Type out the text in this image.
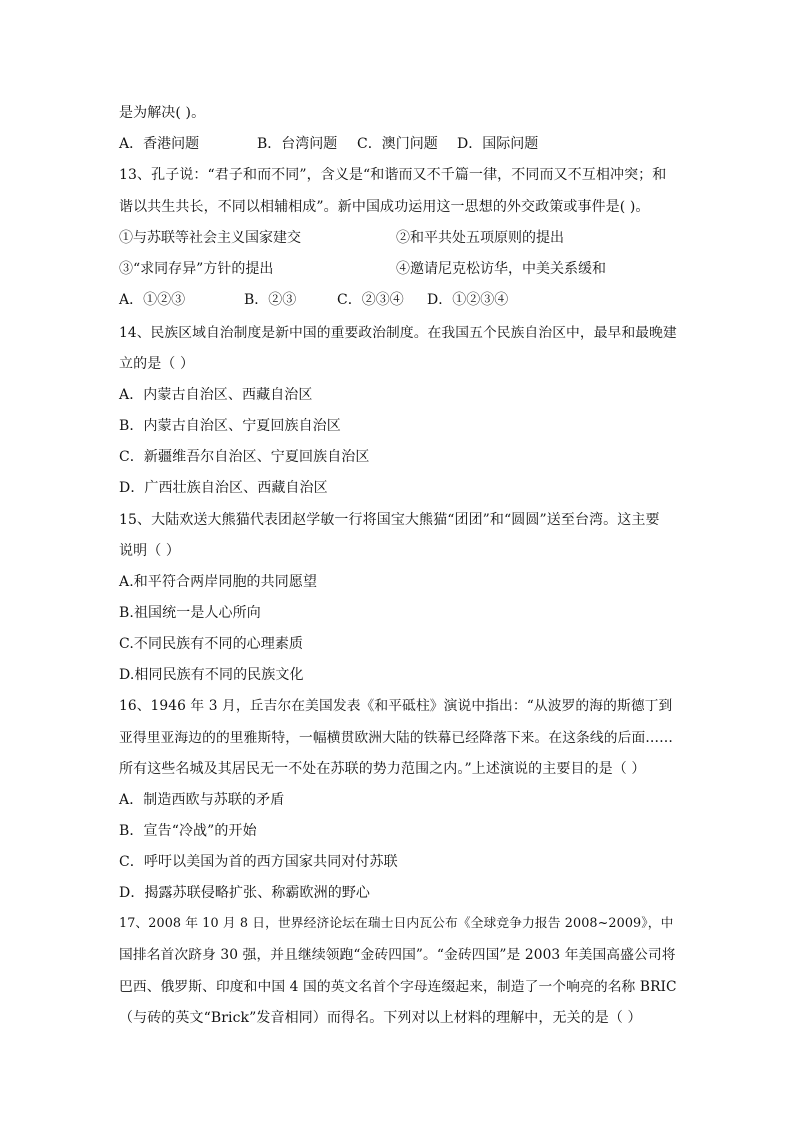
是为解决( )。
A．香港问题	B．台湾问题 C．澳门问题 D．国际问题
13、孔子说：“君子和而不同”，含义是“和谐而又不千篇一律，不同而又不互相冲突；和
谐以共生共长，不同以相辅相成”。新中国成功运用这一思想的外交政策或事件是( )。
①与苏联等社会主义国家建交	②和平共处五项原则的提出
③“求同存异”方针的提出	④邀请尼克松访华，中美关系缓和
A．①②③	B．②③	C．②③④ D．①②③④
14、民族区域自治制度是新中国的重要政治制度。在我国五个民族自治区中，最早和最晚建
立的是（ ）
A．内蒙古自治区、西藏自治区
B．内蒙古自治区、宁夏回族自治区
C．新疆维吾尔自治区、宁夏回族自治区
D．广西壮族自治区、西藏自治区
15、大陆欢送大熊猫代表团赵学敏一行将国宝大熊猫“团团”和“圆圆”送至台湾。这主要
说明（ ）
A.和平符合两岸同胞的共同愿望
B.祖国统一是人心所向
C.不同民族有不同的心理素质
D.相同民族有不同的民族文化
16、1946 年 3 月，丘吉尔在美国发表《和平砥柱》演说中指出：“从波罗的海的斯德丁到
亚得里亚海边的的里雅斯特，一幅横贯欧洲大陆的铁幕已经降落下来。在这条线的后面……
所有这些名城及其居民无一不处在苏联的势力范围之内。”上述演说的主要目的是（ ）
A．制造西欧与苏联的矛盾
B．宣告“冷战”的开始
C．呼吁以美国为首的西方国家共同对付苏联
D．揭露苏联侵略扩张、称霸欧洲的野心
17、2008 年 10 月 8 日，世界经济论坛在瑞士日内瓦公布《全球竞争力报告 2008~2009》，中
国排名首次跻身 30 强，并且继续领跑“金砖四国”。“金砖四国”是 2003 年美国高盛公司将
巴西、俄罗斯、印度和中国 4 国的英文名首个字母连缀起来，制造了一个响亮的名称 BRIC
（与砖的英文“Brick”发音相同）而得名。下列对以上材料的理解中，无关的是（ ）
